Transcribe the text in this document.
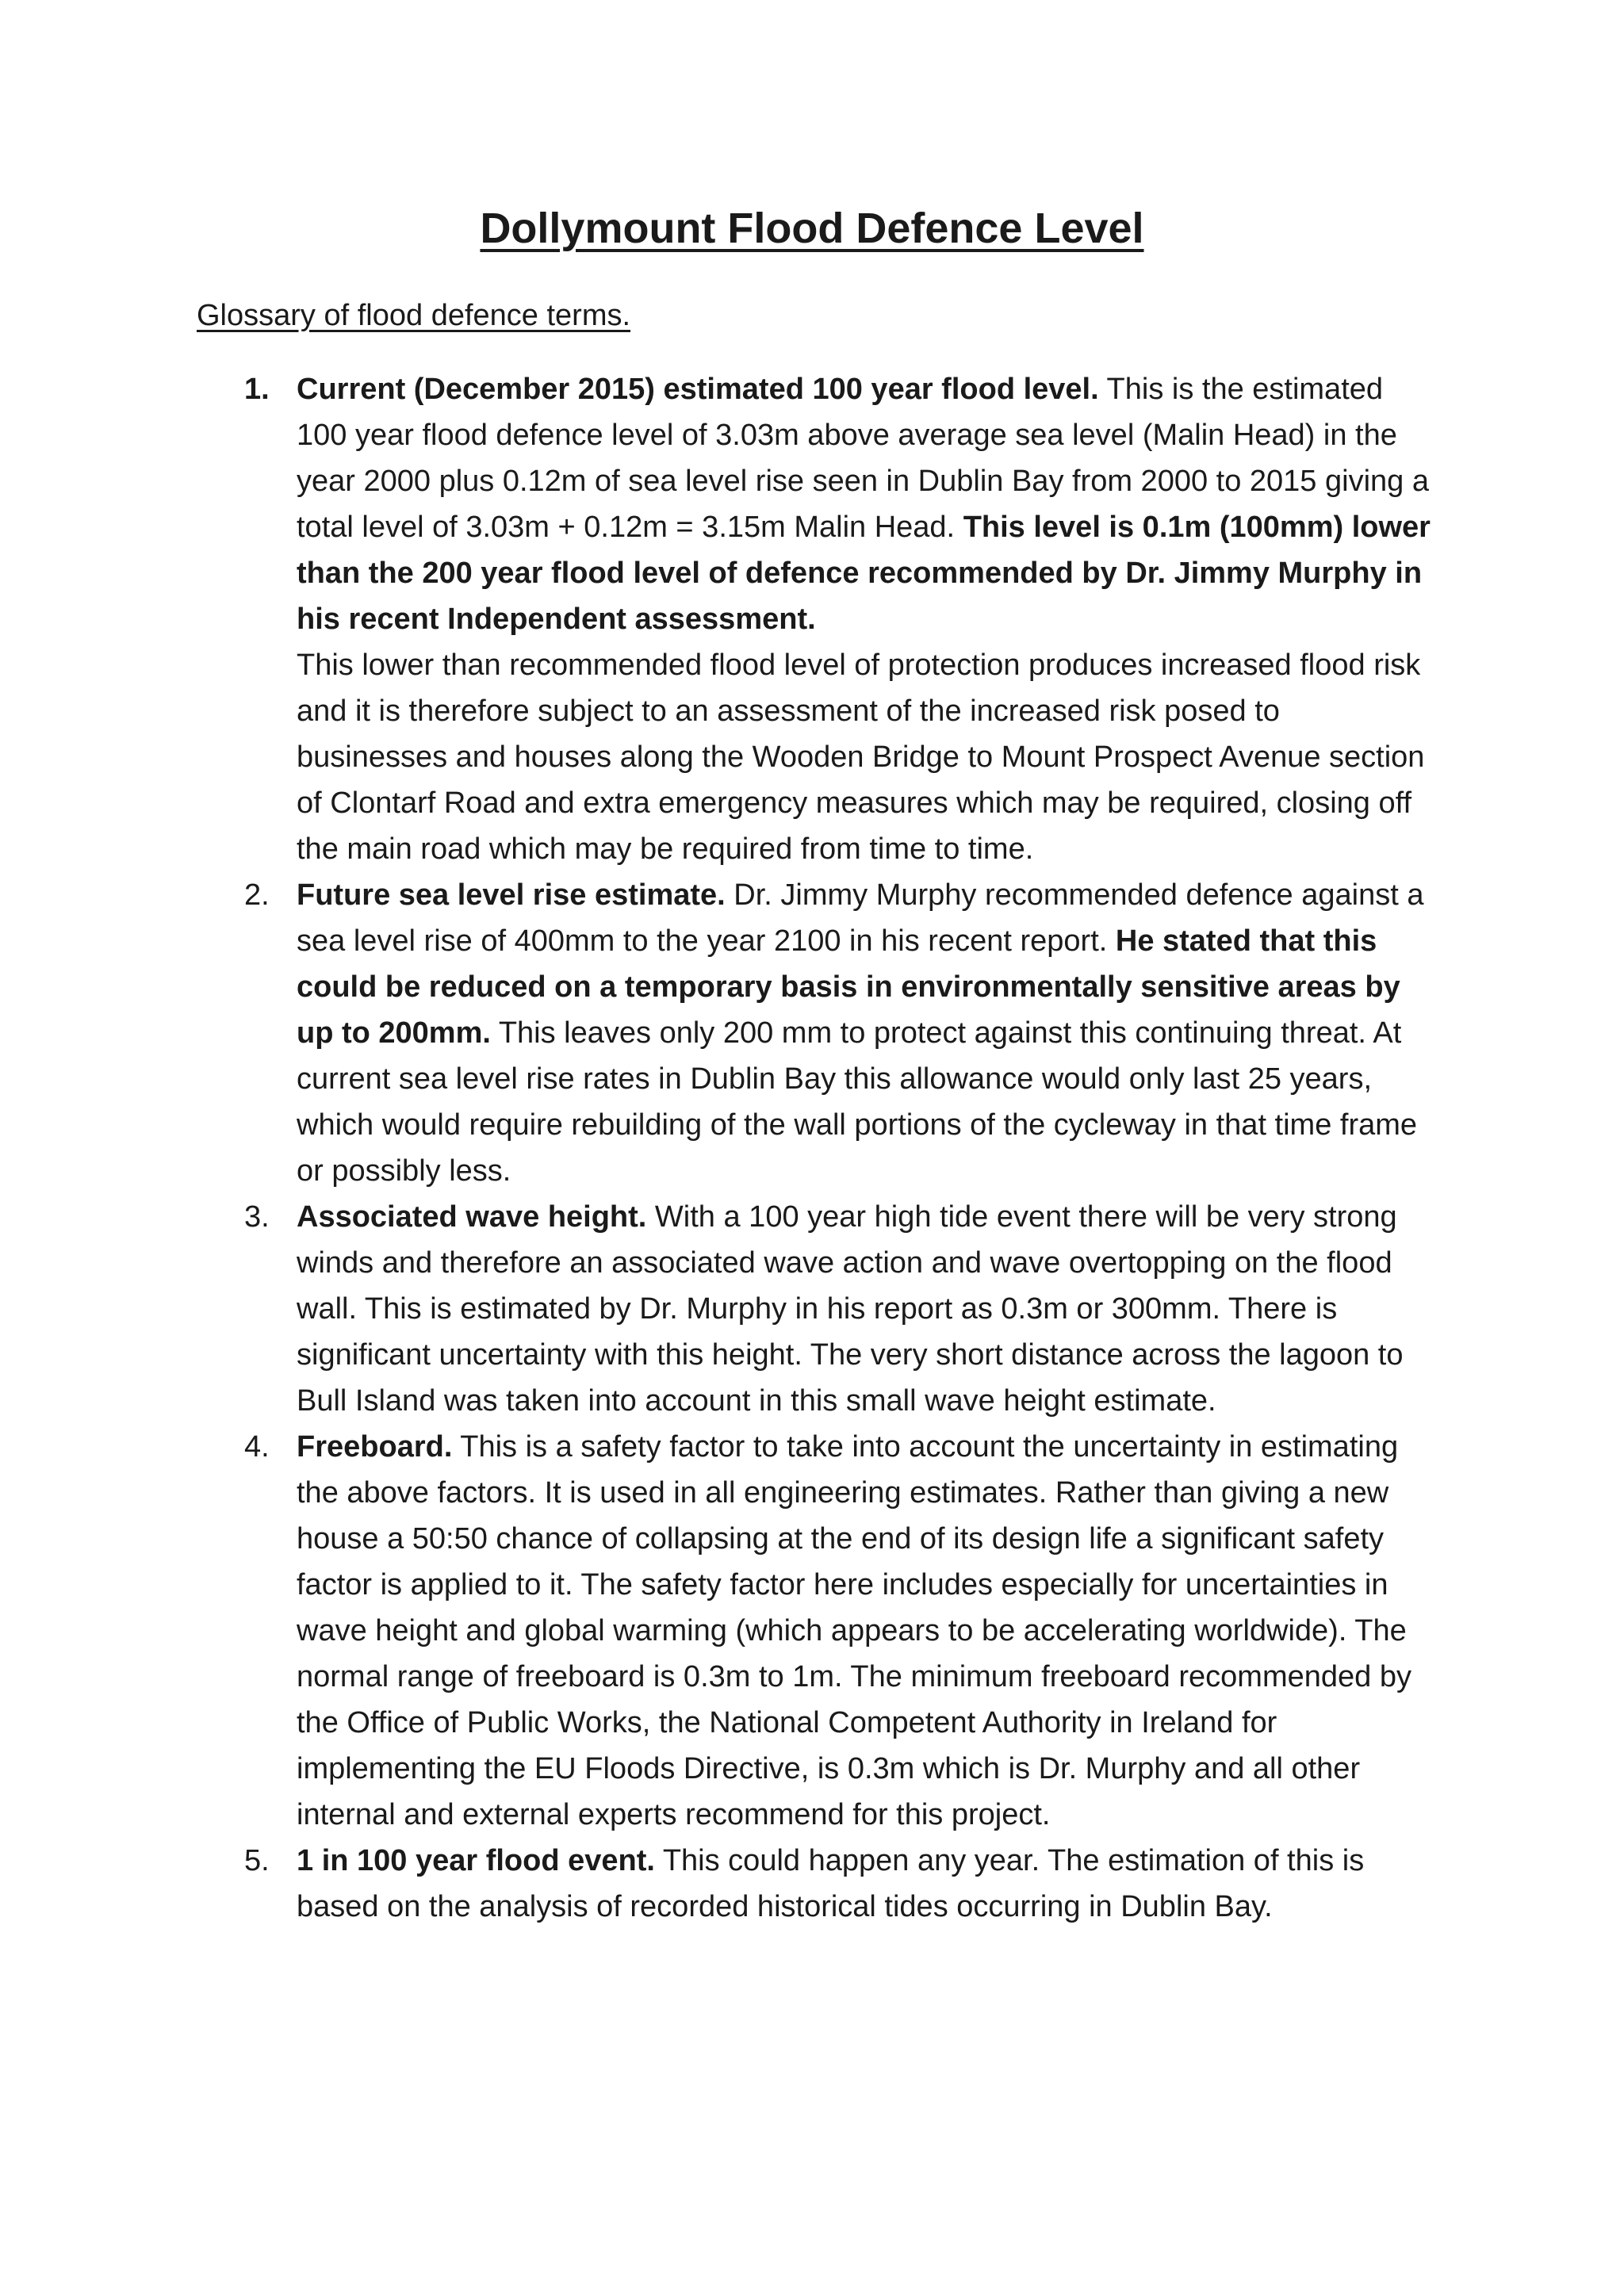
Dollymount Flood Defence Level
Glossary of flood defence terms.
1. Current (December 2015) estimated 100 year flood level. This is the estimated 100 year flood defence level of 3.03m above average sea level (Malin Head) in the year 2000 plus 0.12m of sea level rise seen in Dublin Bay from 2000 to 2015 giving a total level of 3.03m + 0.12m = 3.15m Malin Head. This level is 0.1m (100mm) lower than the 200 year flood level of defence recommended by Dr. Jimmy Murphy in his recent Independent assessment.

This lower than recommended flood level of protection produces increased flood risk and it is therefore subject to an assessment of the increased risk posed to businesses and houses along the Wooden Bridge to Mount Prospect Avenue section of Clontarf Road and extra emergency measures which may be required, closing off the main road which may be required from time to time.

2. Future sea level rise estimate. Dr. Jimmy Murphy recommended defence against a sea level rise of 400mm to the year 2100 in his recent report. He stated that this could be reduced on a temporary basis in environmentally sensitive areas by up to 200mm. This leaves only 200 mm to protect against this continuing threat. At current sea level rise rates in Dublin Bay this allowance would only last 25 years, which would require rebuilding of the wall portions of the cycleway in that time frame or possibly less.

3. Associated wave height. With a 100 year high tide event there will be very strong winds and therefore an associated wave action and wave overtopping on the flood wall. This is estimated by Dr. Murphy in his report as 0.3m or 300mm. There is significant uncertainty with this height. The very short distance across the lagoon to Bull Island was taken into account in this small wave height estimate.

4. Freeboard. This is a safety factor to take into account the uncertainty in estimating the above factors. It is used in all engineering estimates. Rather than giving a new house a 50:50 chance of collapsing at the end of its design life a significant safety factor is applied to it. The safety factor here includes especially for uncertainties in wave height and global warming (which appears to be accelerating worldwide). The normal range of freeboard is 0.3m to 1m. The minimum freeboard recommended by the Office of Public Works, the National Competent Authority in Ireland for implementing the EU Floods Directive, is 0.3m which is Dr. Murphy and all other internal and external experts recommend for this project.

5. 1 in 100 year flood event. This could happen any year. The estimation of this is based on the analysis of recorded historical tides occurring in Dublin Bay.
